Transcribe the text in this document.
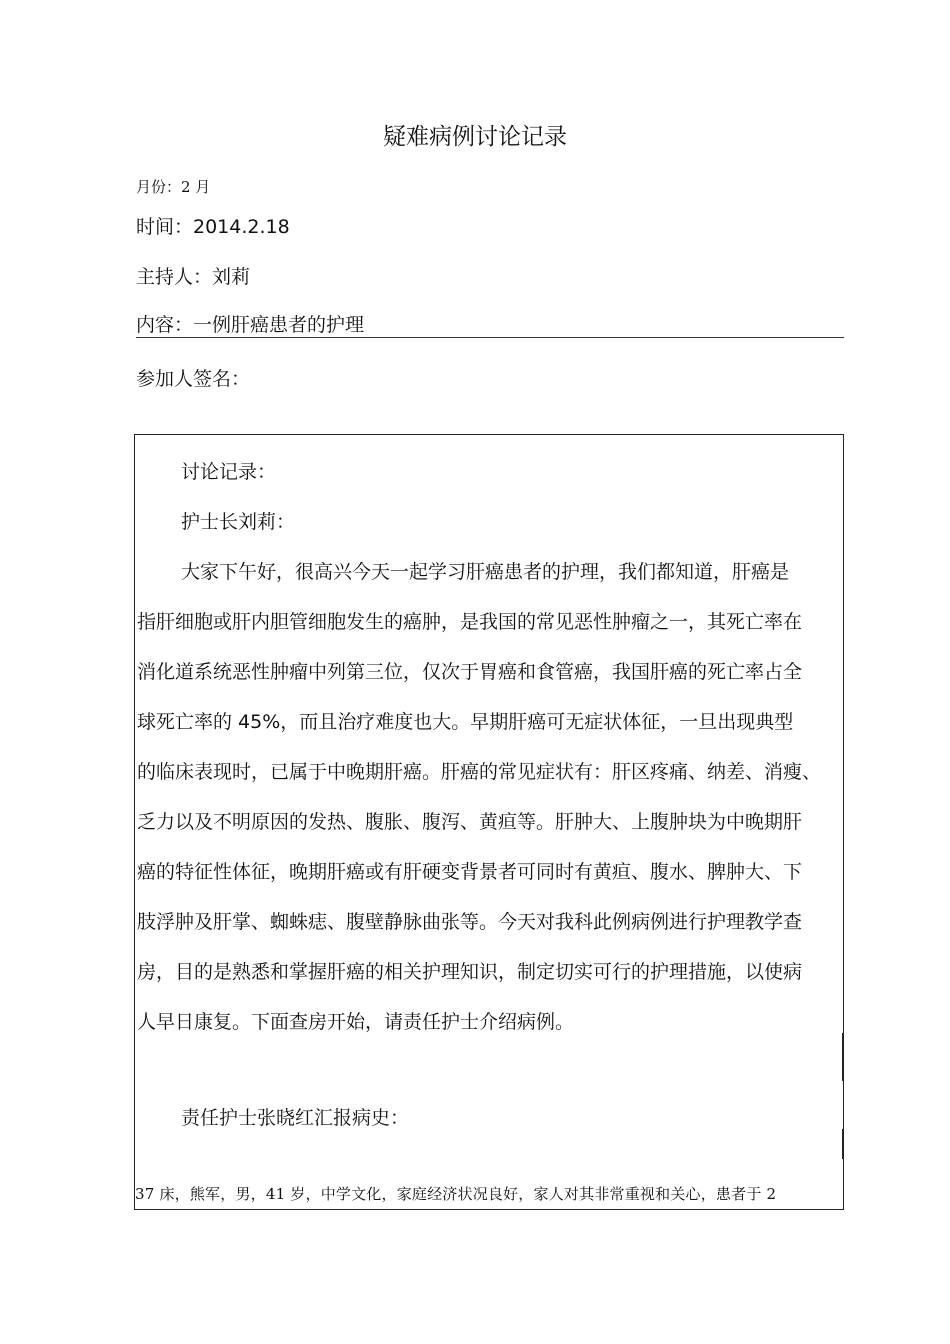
疑难病例讨论记录
月份：2 月
时间：2014.2.18
主持人：刘莉
内容：一例肝癌患者的护理
参加人签名：
讨论记录：
护士长刘莉：
大家下午好，很高兴今天一起学习肝癌患者的护理，我们都知道，肝癌是
指肝细胞或肝内胆管细胞发生的癌肿，是我国的常见恶性肿瘤之一，其死亡率在
消化道系统恶性肿瘤中列第三位，仅次于胃癌和食管癌，我国肝癌的死亡率占全
球死亡率的 45%，而且治疗难度也大。早期肝癌可无症状体征，一旦出现典型
的临床表现时，已属于中晚期肝癌。肝癌的常见症状有：肝区疼痛、纳差、消瘦、
乏力以及不明原因的发热、腹胀、腹泻、黄疸等。肝肿大、上腹肿块为中晚期肝
癌的特征性体征，晚期肝癌或有肝硬变背景者可同时有黄疸、腹水、脾肿大、下
肢浮肿及肝掌、蜘蛛痣、腹壁静脉曲张等。今天对我科此例病例进行护理教学查
房，目的是熟悉和掌握肝癌的相关护理知识，制定切实可行的护理措施，以使病
人早日康复。下面查房开始，请责任护士介绍病例。
责任护士张晓红汇报病史：
37 床，熊军，男，41 岁，中学文化，家庭经济状况良好，家人对其非常重视和关心，患者于 2
